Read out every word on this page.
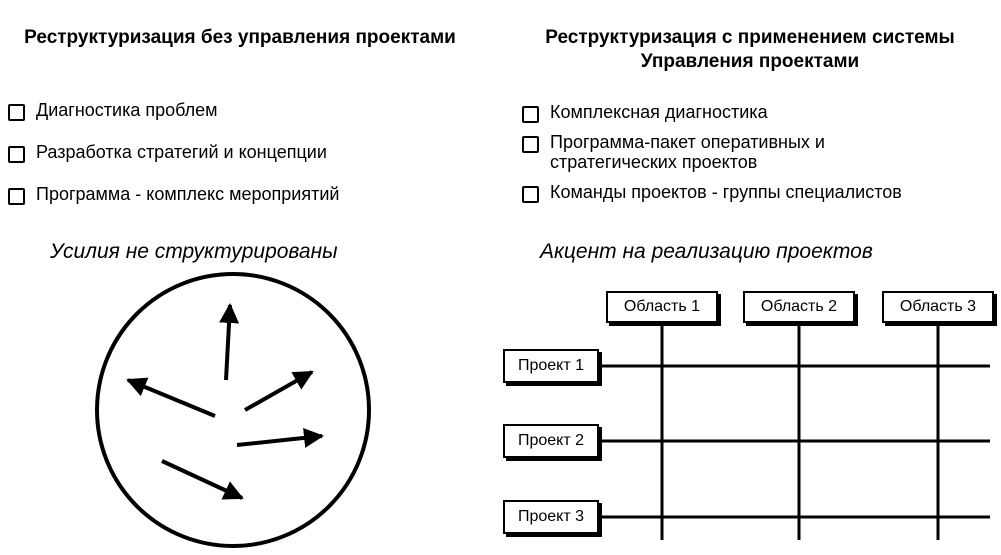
Реструктуризация без управления проектами
Диагностика проблем
Разработка стратегий и концепции
Программа - комплекс мероприятий
Усилия не структурированы
Реструктуризация с применением системы Управления проектами
Комплексная диагностика
Программа-пакет оперативных и стратегических проектов
Команды проектов - группы специалистов
Акцент на реализацию проектов
Область 1	Область 2	Область 3
Проект 1
Проект 2
Проект 3
